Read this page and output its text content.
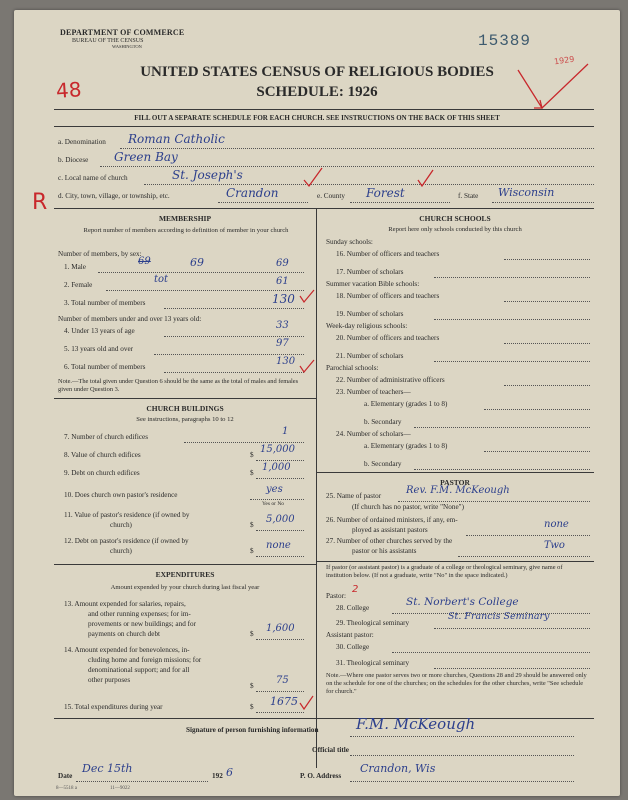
DEPARTMENT OF COMMERCE
BUREAU OF THE CENSUS
WASHINGTON	15389
48
R
1929
UNITED STATES CENSUS OF RELIGIOUS BODIES
SCHEDULE: 1926
FILL OUT A SEPARATE SCHEDULE FOR EACH CHURCH. SEE INSTRUCTIONS ON THE BACK OF THIS SHEET
a. Denomination Roman Catholic
b. Diocese Green Bay
c. Local name of church	St. Joseph's
d. City, town, village, or township, etc.	Crandon	e. County Forest	f. State Wisconsin
MEMBERSHIP
Report number of members according to definition of member in your church
Number of members, by sex:
1. Male	69	69	69
2. Female	tot	61
3. Total number of members	130
Number of members under and over 13 years old:
4. Under 13 years of age	33
5. 13 years old and over	97
6. Total number of members	130
Note.—The total given under Question 6 should be the same as the total of males and females given under Question 3.
CHURCH BUILDINGS
See instructions, paragraphs 10 to 12
7. Number of church edifices	1
8. Value of church edifices	$ 15,000
9. Debt on church edifices	$ 1,000
10. Does church own pastor's residence	yes
Yes or No
11. Value of pastor's residence (if owned by
church)	$ 5,000
12. Debt on pastor's residence (if owned by
church)	$ none
EXPENDITURES
Amount expended by your church during last fiscal year
13. Amount expended for salaries, repairs,
and other running expenses; for im-
provements or new buildings; and for
payments on church debt	$ 1,600
14. Amount expended for benevolences, in-
cluding home and foreign missions; for
denominational support; and for all
other purposes
$ 75
15. Total expenditures during year	$ 1675
CHURCH SCHOOLS
Report here only schools conducted by this church
Sunday schools:
16. Number of officers and teachers
17. Number of scholars
Summer vacation Bible schools:
18. Number of officers and teachers
19. Number of scholars
Week-day religious schools:
20. Number of officers and teachers
21. Number of scholars
Parochial schools:
22. Number of administrative officers
23. Number of teachers—
a. Elementary (grades 1 to 8)
b. Secondary
24. Number of scholars—
a. Elementary (grades 1 to 8)
b. Secondary
PASTOR
25. Name of pastor Rev. F.M. McKeough
(If church has no pastor, write "None")
26. Number of ordained ministers, if any, em-
ployed as assistant pastors	none
27. Number of other churches served by the
pastor or his assistants	Two
If pastor (or assistant pastor) is a graduate of a college or theological seminary, give name of institution below. (If not a graduate, write "No" in the space indicated.)
Pastor:
2
28. College	St. Norbert's College
29. Theological seminary
St. Francis Seminary
Assistant pastor:
30. College
31. Theological seminary
Note.—Where one pastor serves two or more churches, Questions 28 and 29 should be answered only on the schedule for one of the churches; on the schedules for the other churches, write "See schedule for church."
Signature of person furnishing information	F.M. McKeough
Official title
Date
Dec 15th
192 6	P. O. Address
Crandon, Wis
8—5518 a	11—9022
